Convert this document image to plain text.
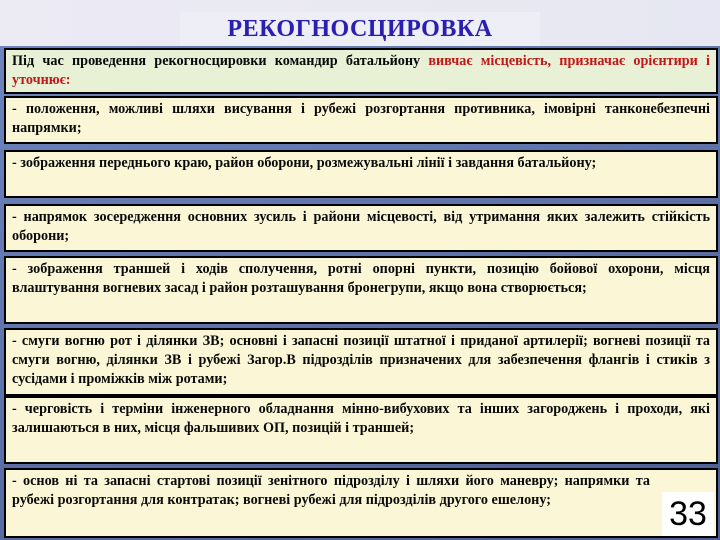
РЕКОГНОСЦИРОВКА
Під час проведення рекогносцировки командир батальйону вивчає місцевість, призначає орієнтири і уточнює:
- положення, можливі шляхи висування і рубежі розгортання противника, імовірні танконебезпечні напрямки;
- зображення переднього краю, район оборони, розмежувальні лінії і завдання батальйону;
- напрямок зосередження основних зусиль і райони місцевості, від утримання яких залежить стійкість оборони;
- зображення траншей і ходів сполучення, ротні опорні пункти, позицію бойової охорони, місця влаштування вогневих засад і район розташування бронегрупи, якщо вона створюється;
- смуги вогню рот і ділянки ЗВ; основні і запасні позиції штатної і приданої артилерії; вогневі позиції та смуги вогню, ділянки ЗВ і рубежі Загор.В підрозділів призначених для забезпечення флангів і стиків з сусідами і проміжків між ротами;
- черговість і терміни інженерного обладнання мінно-вибухових та інших загороджень і проходи, які залишаються в них, місця фальшивих ОП, позицій і траншей;
- основ ні та запасні стартові позиції зенітного підрозділу і шляхи його маневру; напрямки та рубежі розгортання для контратак; вогневі рубежі для підрозділів другого ешелону;	33
